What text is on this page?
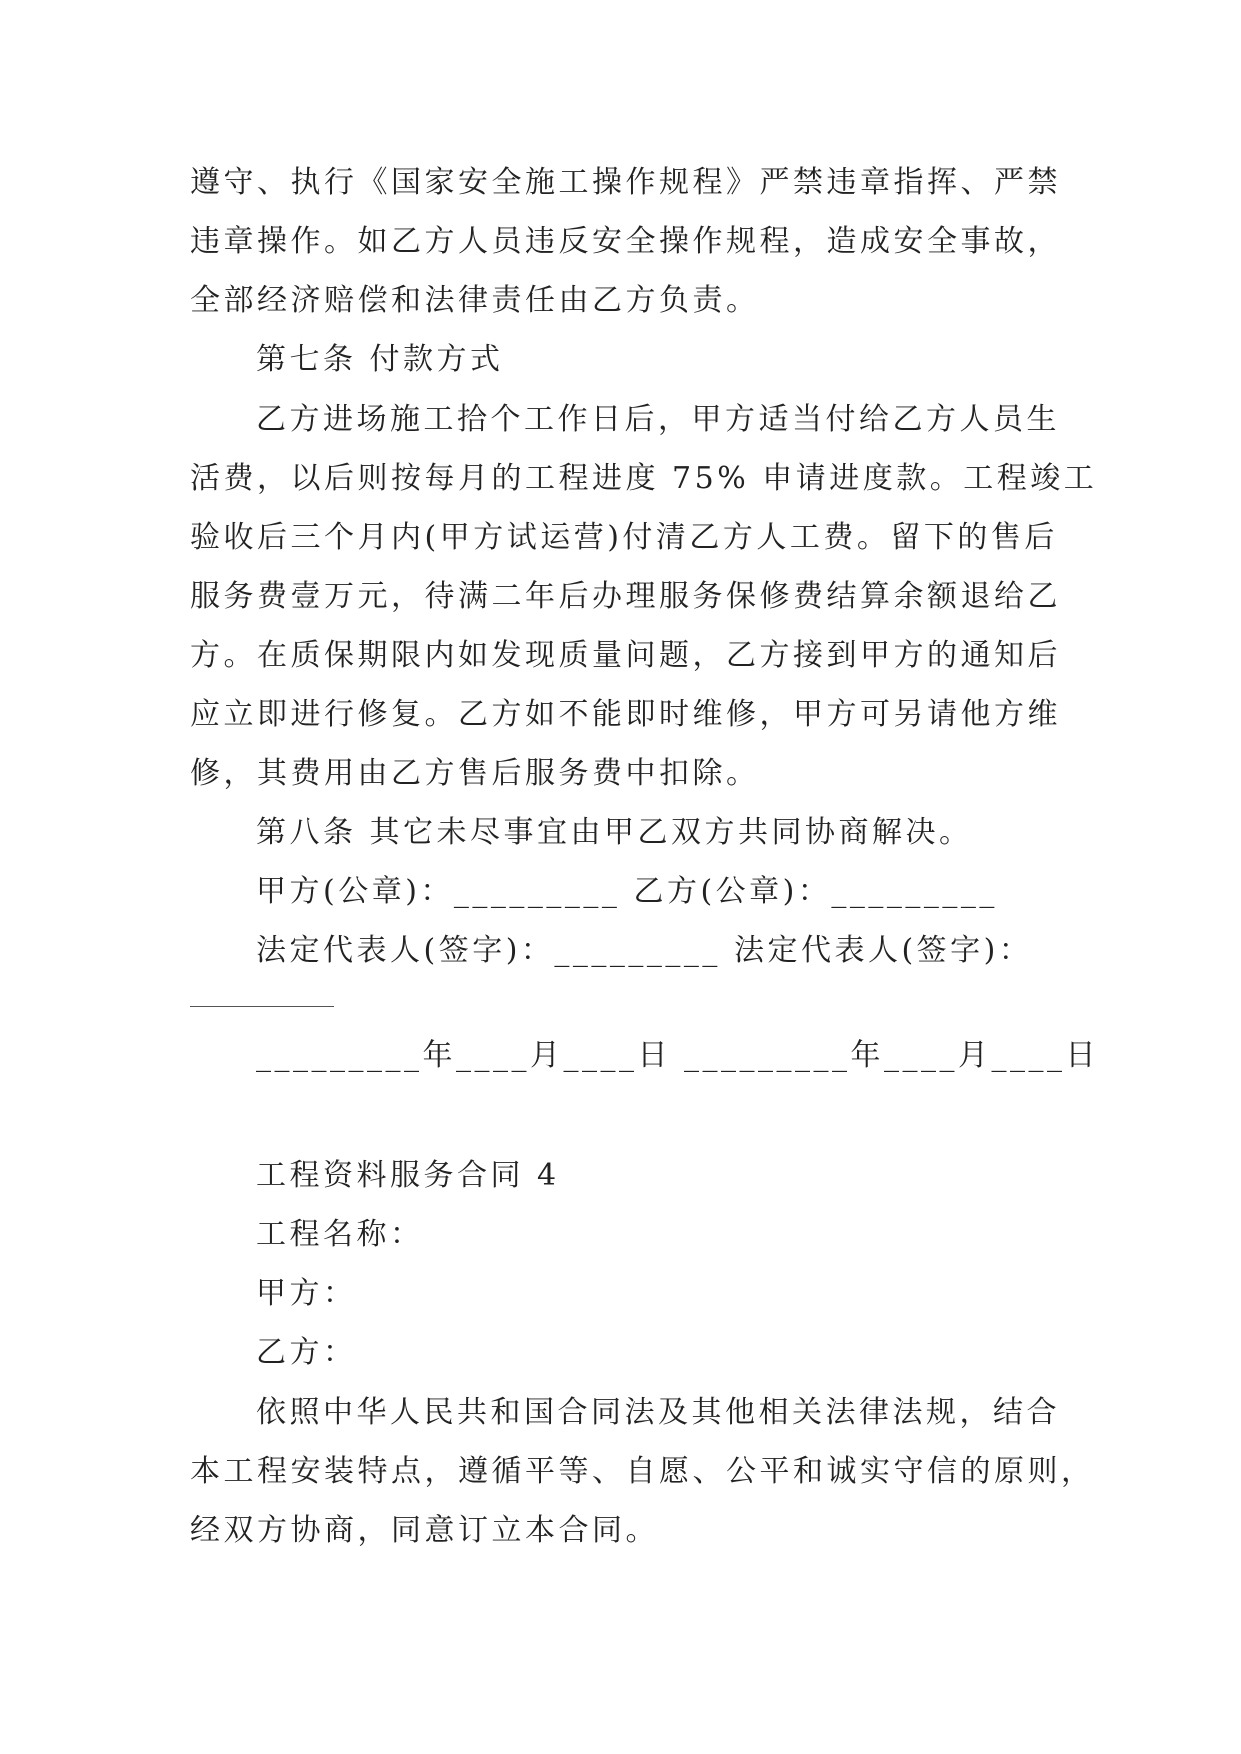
遵守、执行《国家安全施工操作规程》严禁违章指挥、严禁
违章操作。如乙方人员违反安全操作规程，造成安全事故，
全部经济赔偿和法律责任由乙方负责。
第七条 付款方式
乙方进场施工拾个工作日后，甲方适当付给乙方人员生
活费，以后则按每月的工程进度 75% 申请进度款。工程竣工
验收后三个月内(甲方试运营)付清乙方人工费。留下的售后
服务费壹万元，待满二年后办理服务保修费结算余额退给乙
方。在质保期限内如发现质量问题，乙方接到甲方的通知后
应立即进行修复。乙方如不能即时维修，甲方可另请他方维
修，其费用由乙方售后服务费中扣除。
第八条 其它未尽事宜由甲乙双方共同协商解决。
甲方(公章)：_________ 乙方(公章)：_________
法定代表人(签字)：_________ 法定代表人(签字)：
_________年____月____日 _________年____月____日
工程资料服务合同 4
工程名称：
甲方：
乙方：
依照中华人民共和国合同法及其他相关法律法规，结合
本工程安装特点，遵循平等、自愿、公平和诚实守信的原则，
经双方协商，同意订立本合同。
